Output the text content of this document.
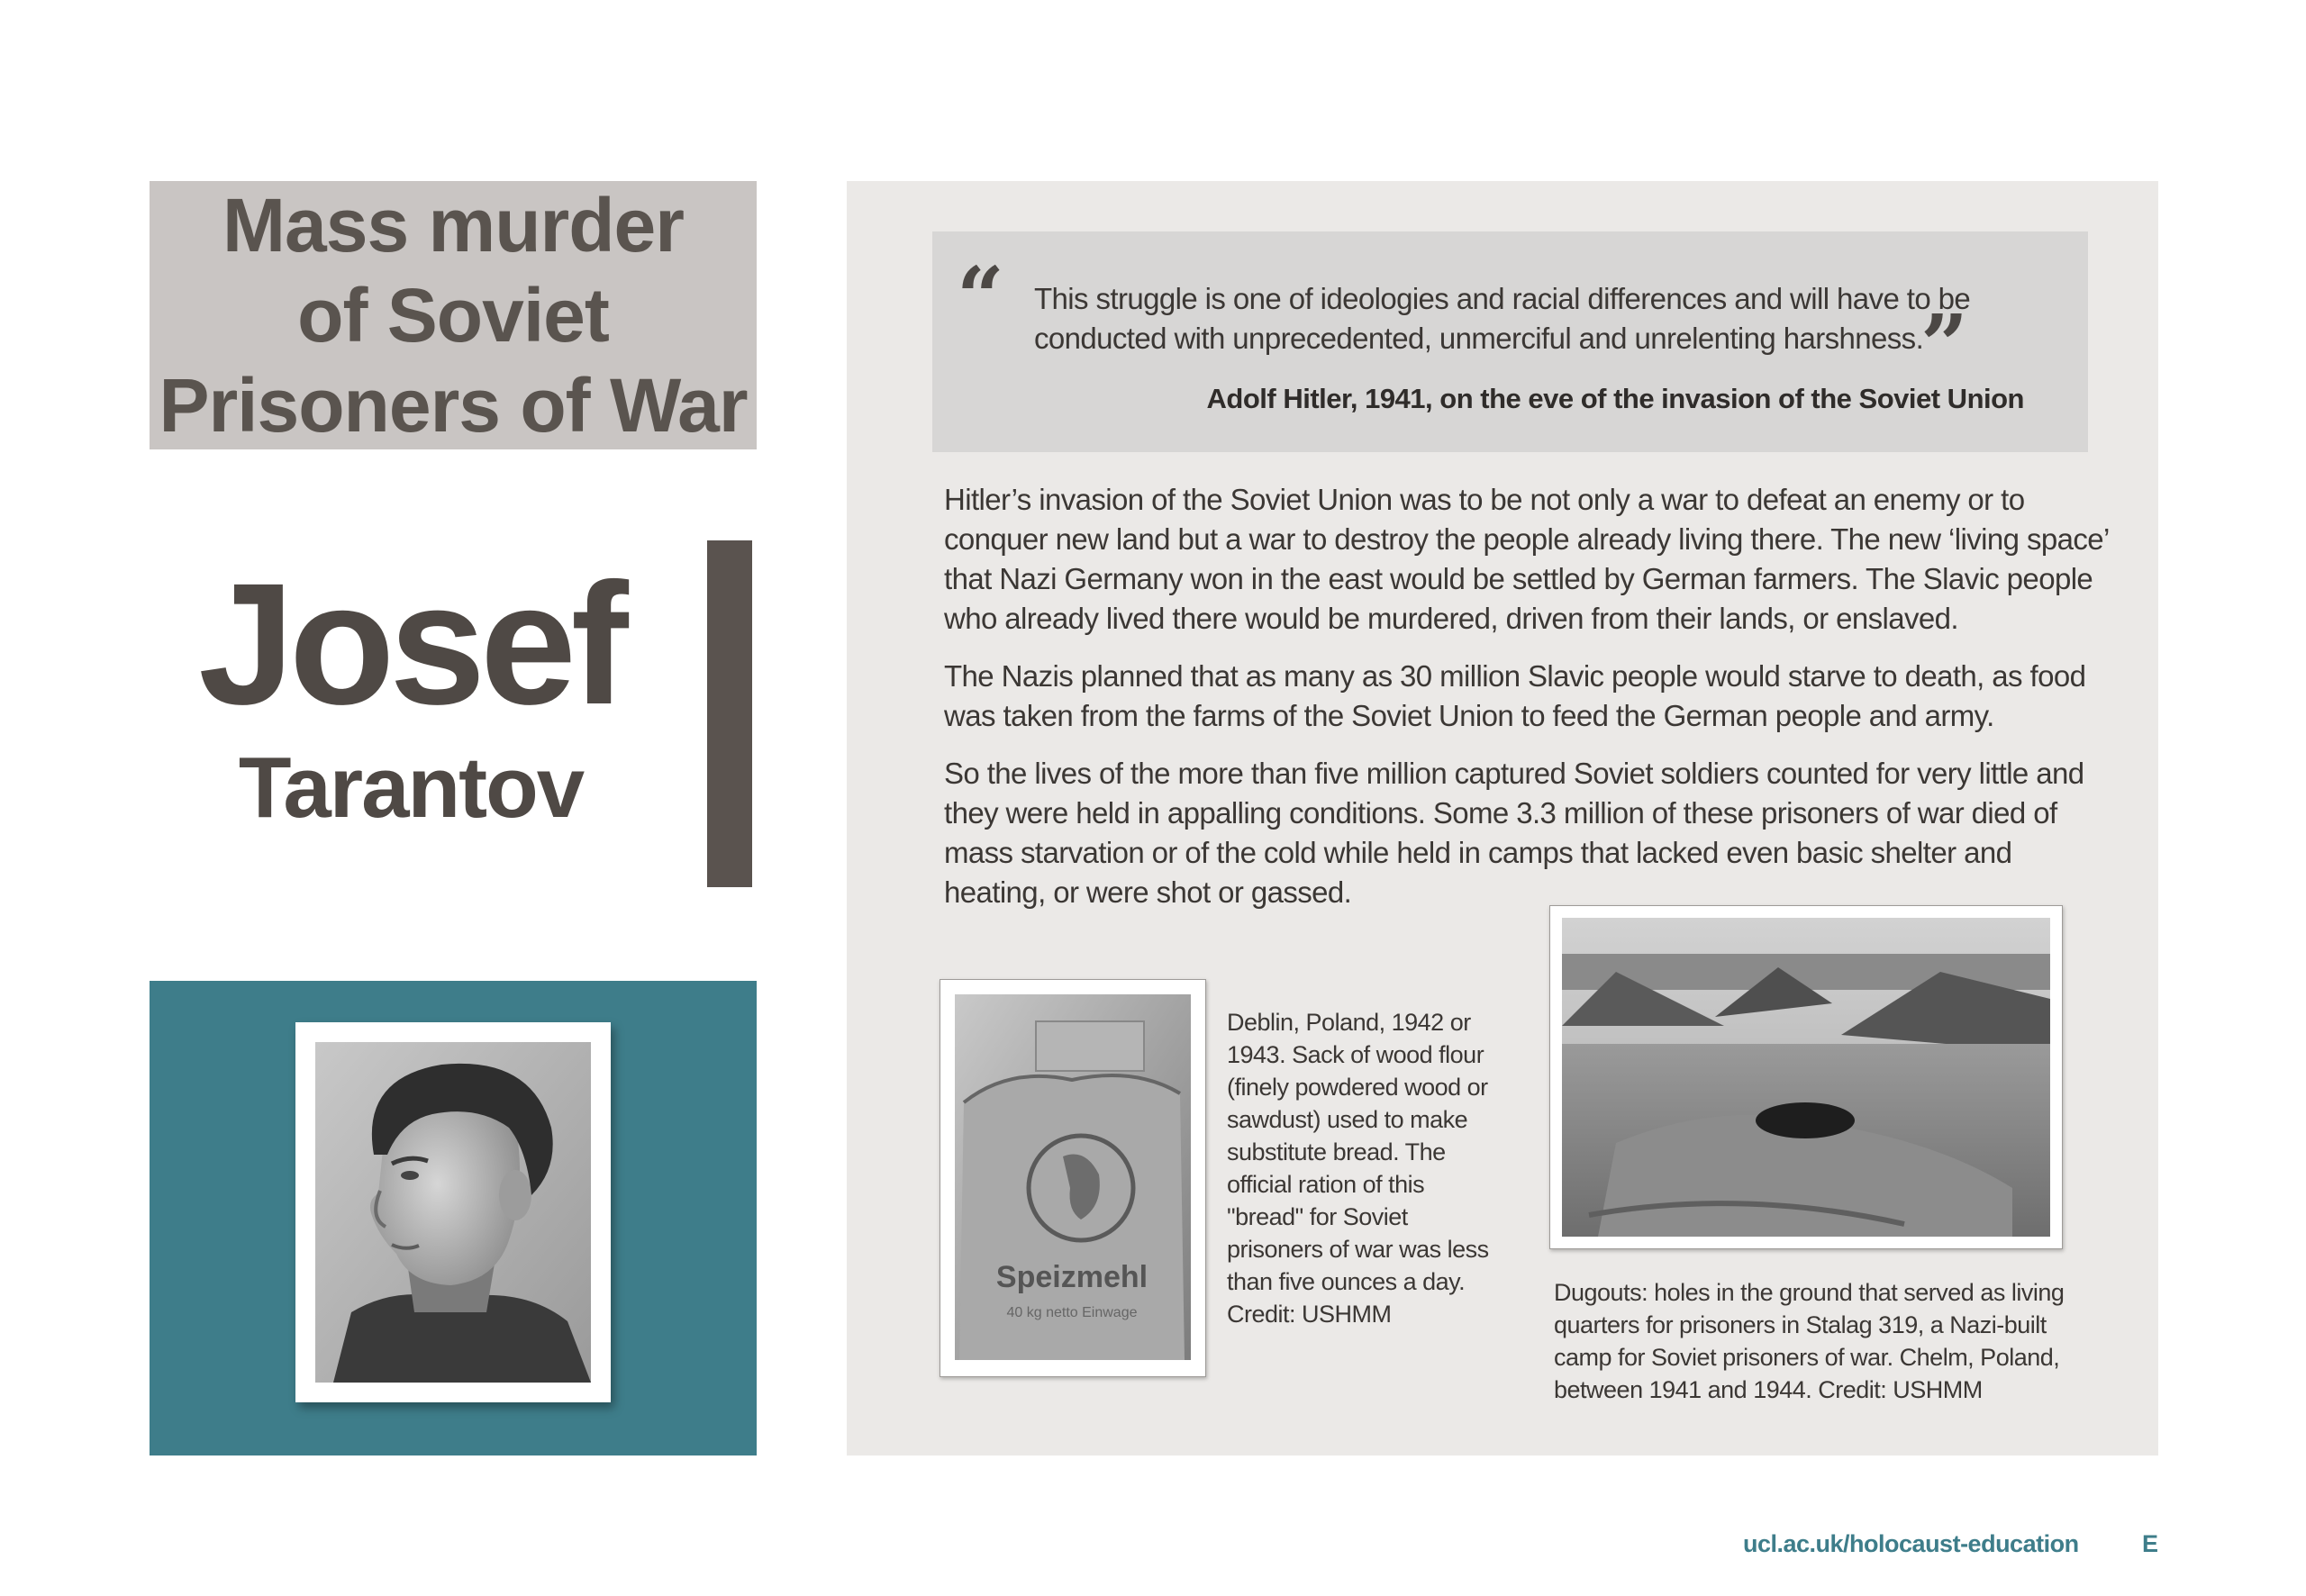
Mass murder
of Soviet
Prisoners of War
Josef
Tarantov
“ This struggle is one of ideologies and racial differences and will have to be conducted with unprecedented, unmerciful and unrelenting harshness.
”
Adolf Hitler, 1941, on the eve of the invasion of the Soviet Union

Hitler’s invasion of the Soviet Union was to be not only a war to defeat an enemy or to conquer new land but a war to destroy the people already living there. The new ‘living space’ that Nazi Germany won in the east would be settled by German farmers. The Slavic people who already lived there would be murdered, driven from their lands, or enslaved.

The Nazis planned that as many as 30 million Slavic people would starve to death, as food was taken from the farms of the Soviet Union to feed the German people and army.

So the lives of the more than five million captured Soviet soldiers counted for very little and they were held in appalling conditions. Some 3.3 million of these prisoners of war died of mass starvation or of the cold while held in camps that lacked even basic shelter and heating, or were shot or gassed.

Speizmehl
40 kg netto Einwage
Deblin, Poland, 1942 or 1943. Sack of wood flour (finely powdered wood or sawdust) used to make substitute bread. The official ration of this "bread" for Soviet prisoners of war was less than five ounces a day. Credit: USHMM
Dugouts: holes in the ground that served as living quarters for prisoners in Stalag 319, a Nazi-built camp for Soviet prisoners of war. Chelm, Poland, between 1941 and 1944. Credit: USHMM
ucl.ac.uk/holocaust-education	E
